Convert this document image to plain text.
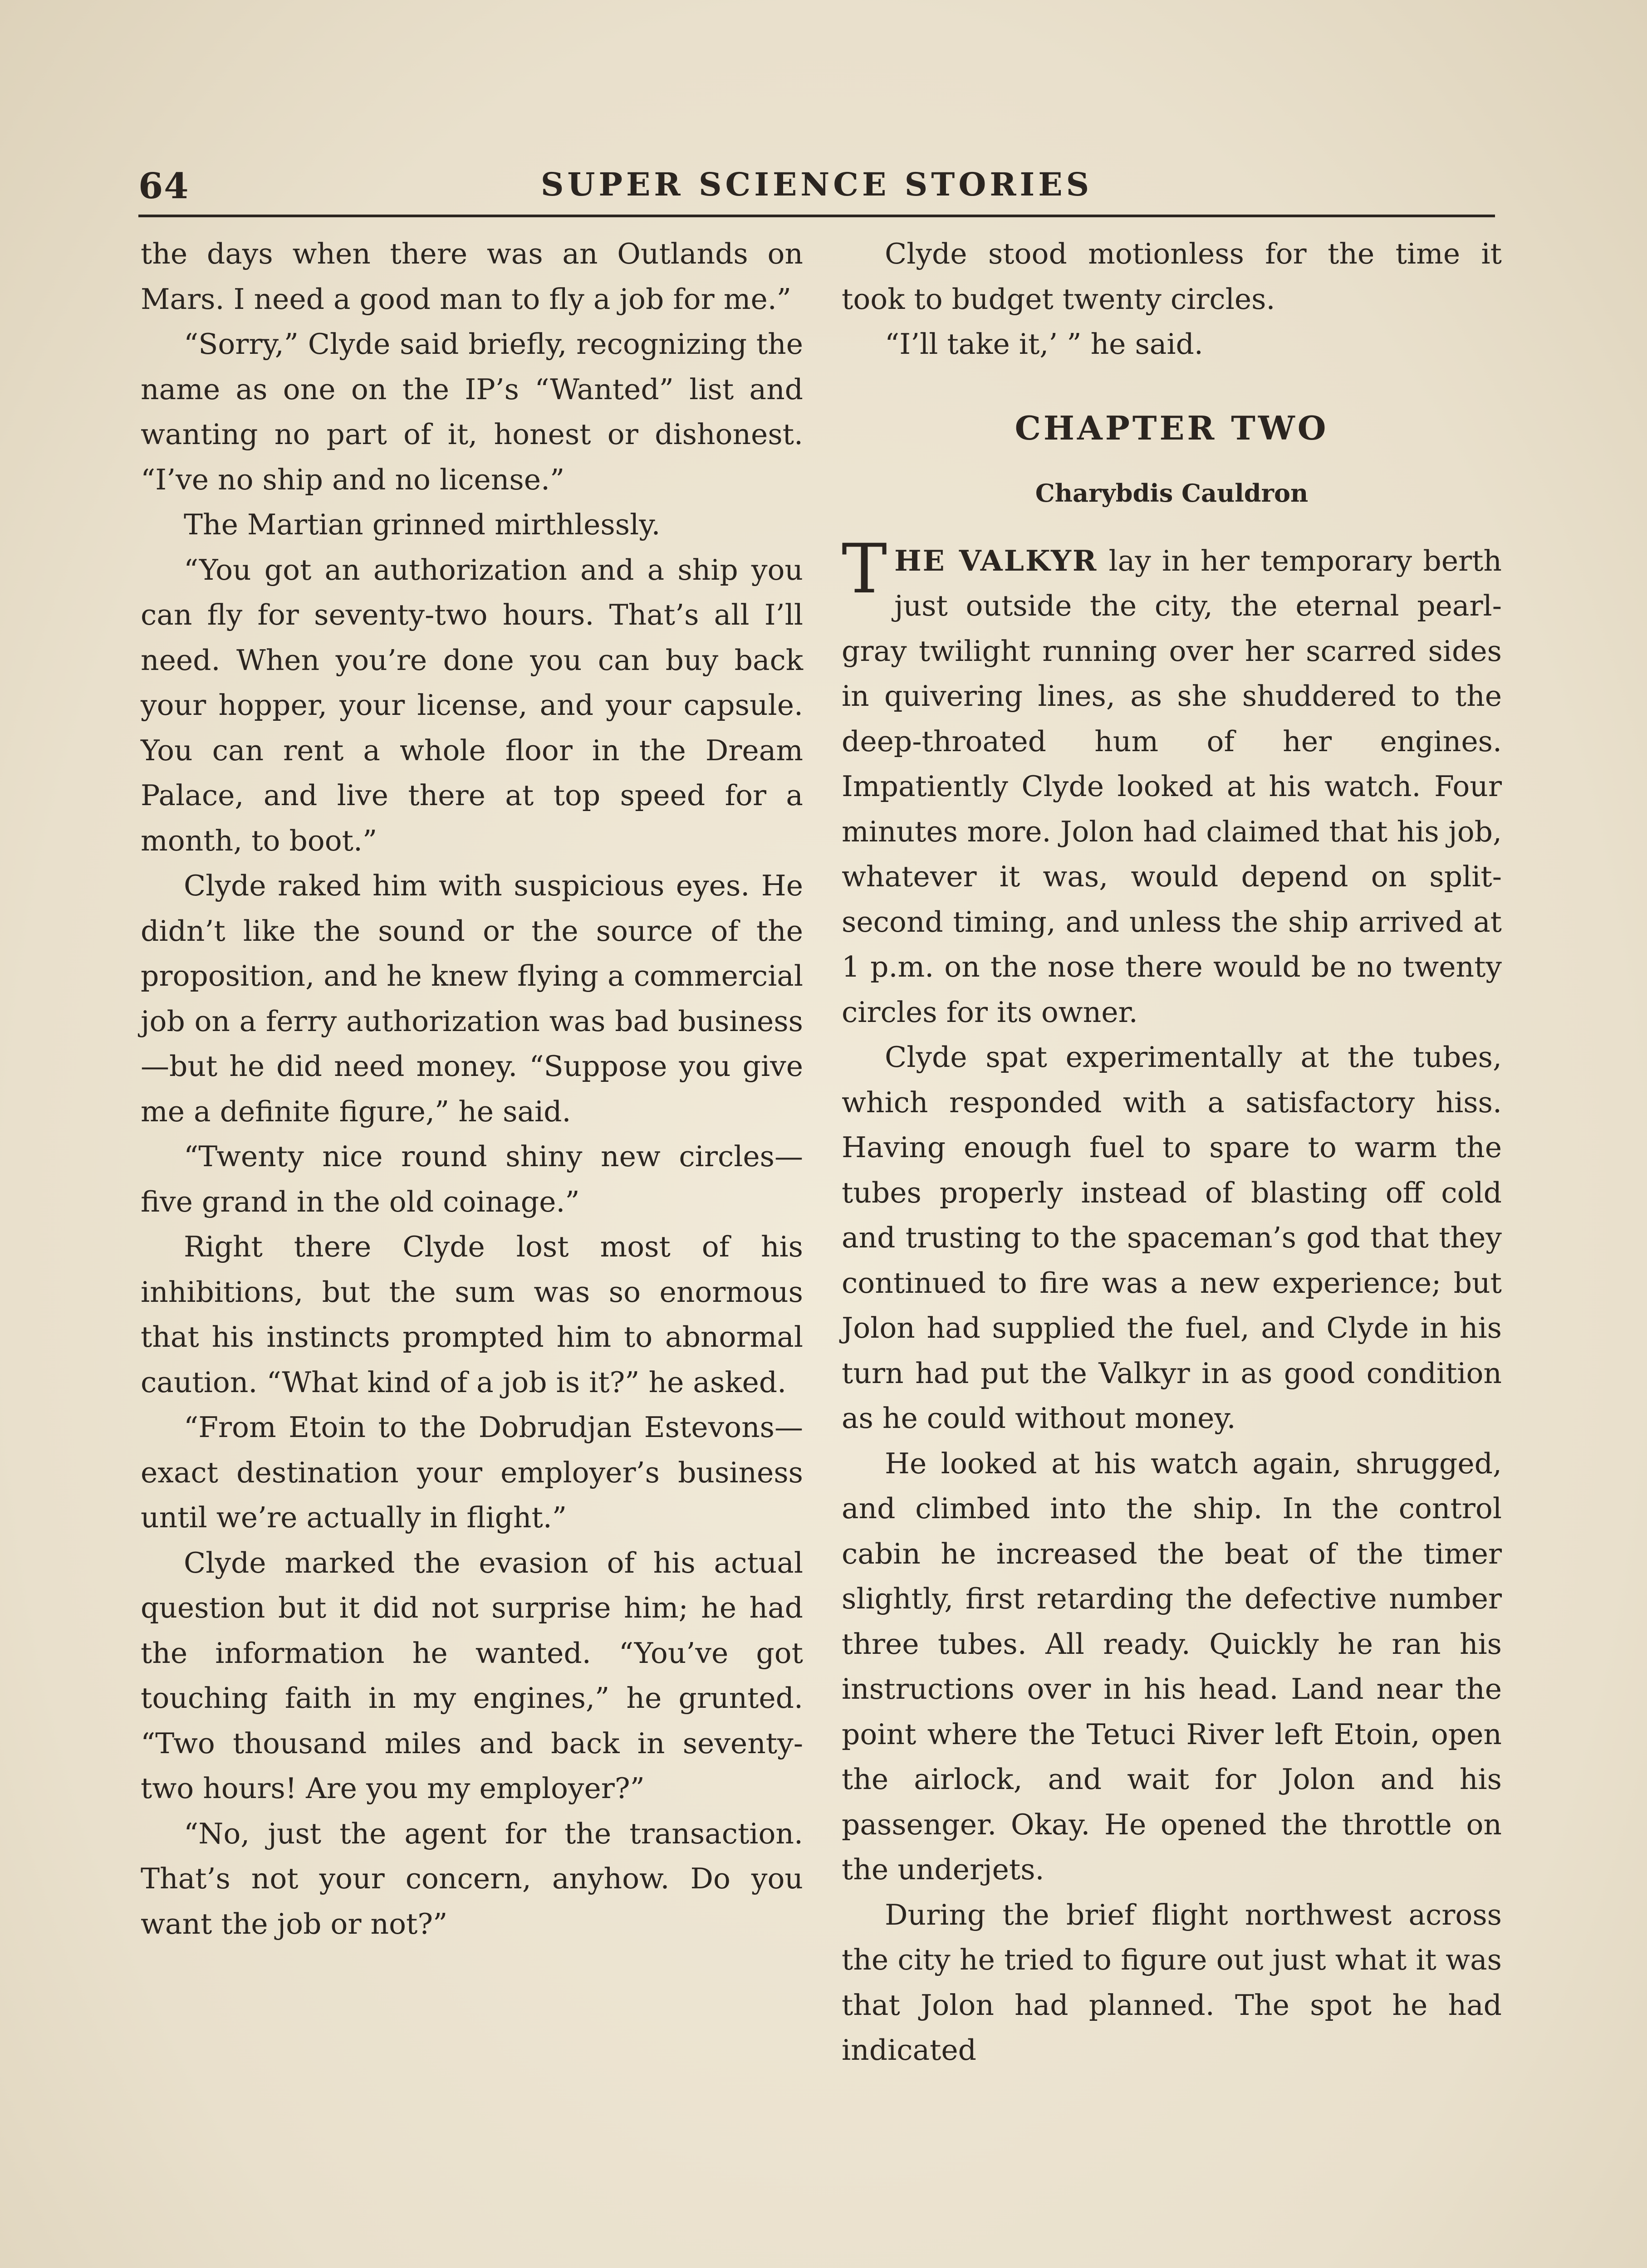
64	SUPER SCIENCE STORIES

the days when there was an Outlands on Mars. I need a good man to fly a job for me.”

“Sorry,” Clyde said briefly, recognizing the name as one on the IP’s “Wanted” list and wanting no part of it, honest or dishonest. “I’ve no ship and no license.”

The Martian grinned mirthlessly.

“You got an authorization and a ship you can fly for seventy-two hours. That’s all I’ll need. When you’re done you can buy back your hopper, your license, and your capsule. You can rent a whole floor in the Dream Palace, and live there at top speed for a month, to boot.”

Clyde raked him with suspicious eyes. He didn’t like the sound or the source of the proposition, and he knew flying a commercial job on a ferry authorization was bad business—but he did need money. “Suppose you give me a definite figure,” he said.

“Twenty nice round shiny new circles—five grand in the old coinage.”

Right there Clyde lost most of his inhibitions, but the sum was so enormous that his instincts prompted him to abnormal caution. “What kind of a job is it?” he asked.

“From Etoin to the Dobrudjan Estevons—exact destination your employer’s business until we’re actually in flight.”

Clyde marked the evasion of his actual question but it did not surprise him; he had the information he wanted. “You’ve got touching faith in my engines,” he grunted. “Two thousand miles and back in seventy-two hours! Are you my employer?”

“No, just the agent for the transaction. That’s not your concern, anyhow. Do you want the job or not?”

Clyde stood motionless for the time it took to budget twenty circles.

“I’ll take it,’ ” he said.

CHAPTER TWO
Charybdis Cauldron

THE VALKYR lay in her temporary berth just outside the city, the eternal pearl-gray twilight running over her scarred sides in quivering lines, as she shuddered to the deep-throated hum of her engines. Impatiently Clyde looked at his watch. Four minutes more. Jolon had claimed that his job, whatever it was, would depend on split-second timing, and unless the ship arrived at 1 p.m. on the nose there would be no twenty circles for its owner.

Clyde spat experimentally at the tubes, which responded with a satisfactory hiss. Having enough fuel to spare to warm the tubes properly instead of blasting off cold and trusting to the spaceman’s god that they continued to fire was a new experience; but Jolon had supplied the fuel, and Clyde in his turn had put the Valkyr in as good condition as he could without money.

He looked at his watch again, shrugged, and climbed into the ship. In the control cabin he increased the beat of the timer slightly, first retarding the defective number three tubes. All ready. Quickly he ran his instructions over in his head. Land near the point where the Tetuci River left Etoin, open the airlock, and wait for Jolon and his passenger. Okay. He opened the throttle on the underjets.

During the brief flight northwest across the city he tried to figure out just what it was that Jolon had planned. The spot he had indicated
